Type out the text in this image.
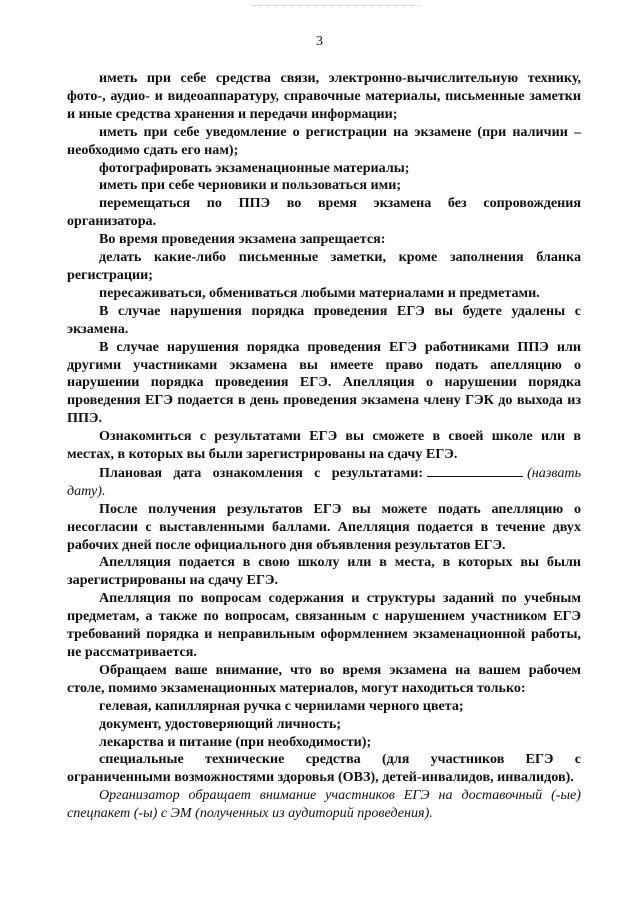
3

иметь при себе средства связи, электронно-вычислительную технику, фото-, аудио- и видеоаппаратуру, справочные материалы, письменные заметки и иные средства хранения и передачи информации;

иметь при себе уведомление о регистрации на экзамене (при наличии – необходимо сдать его нам);

фотографировать экзаменационные материалы;

иметь при себе черновики и пользоваться ими;

перемещаться по ППЭ во время экзамена без сопровождения организатора.

Во время проведения экзамена запрещается:

делать какие-либо письменные заметки, кроме заполнения бланка регистрации;

пересаживаться, обмениваться любыми материалами и предметами.

В случае нарушения порядка проведения ЕГЭ вы будете удалены с экзамена.

В случае нарушения порядка проведения ЕГЭ работниками ППЭ или другими участниками экзамена вы имеете право подать апелляцию о нарушении порядка проведения ЕГЭ. Апелляция о нарушении порядка проведения ЕГЭ подается в день проведения экзамена члену ГЭК до выхода из ППЭ.

Ознакомиться с результатами ЕГЭ вы сможете в своей школе или в местах, в которых вы были зарегистрированы на сдачу ЕГЭ.

Плановая дата ознакомления с результатами:	(назвать дату).

После получения результатов ЕГЭ вы можете подать апелляцию о несогласии с выставленными баллами. Апелляция подается в течение двух рабочих дней после официального дня объявления результатов ЕГЭ.

Апелляция подается в свою школу или в места, в которых вы были зарегистрированы на сдачу ЕГЭ.

Апелляция по вопросам содержания и структуры заданий по учебным предметам, а также по вопросам, связанным с нарушением участником ЕГЭ требований порядка и неправильным оформлением экзаменационной работы, не рассматривается.

Обращаем ваше внимание, что во время экзамена на вашем рабочем столе, помимо экзаменационных материалов, могут находиться только:

гелевая, капиллярная ручка с чернилами черного цвета;

документ, удостоверяющий личность;

лекарства и питание (при необходимости);

специальные технические средства (для участников ЕГЭ с ограниченными возможностями здоровья (ОВЗ), детей-инвалидов, инвалидов).

Организатор обращает внимание участников ЕГЭ на доставочный (-ые) спецпакет (-ы) с ЭМ (полученных из аудиторий проведения).
